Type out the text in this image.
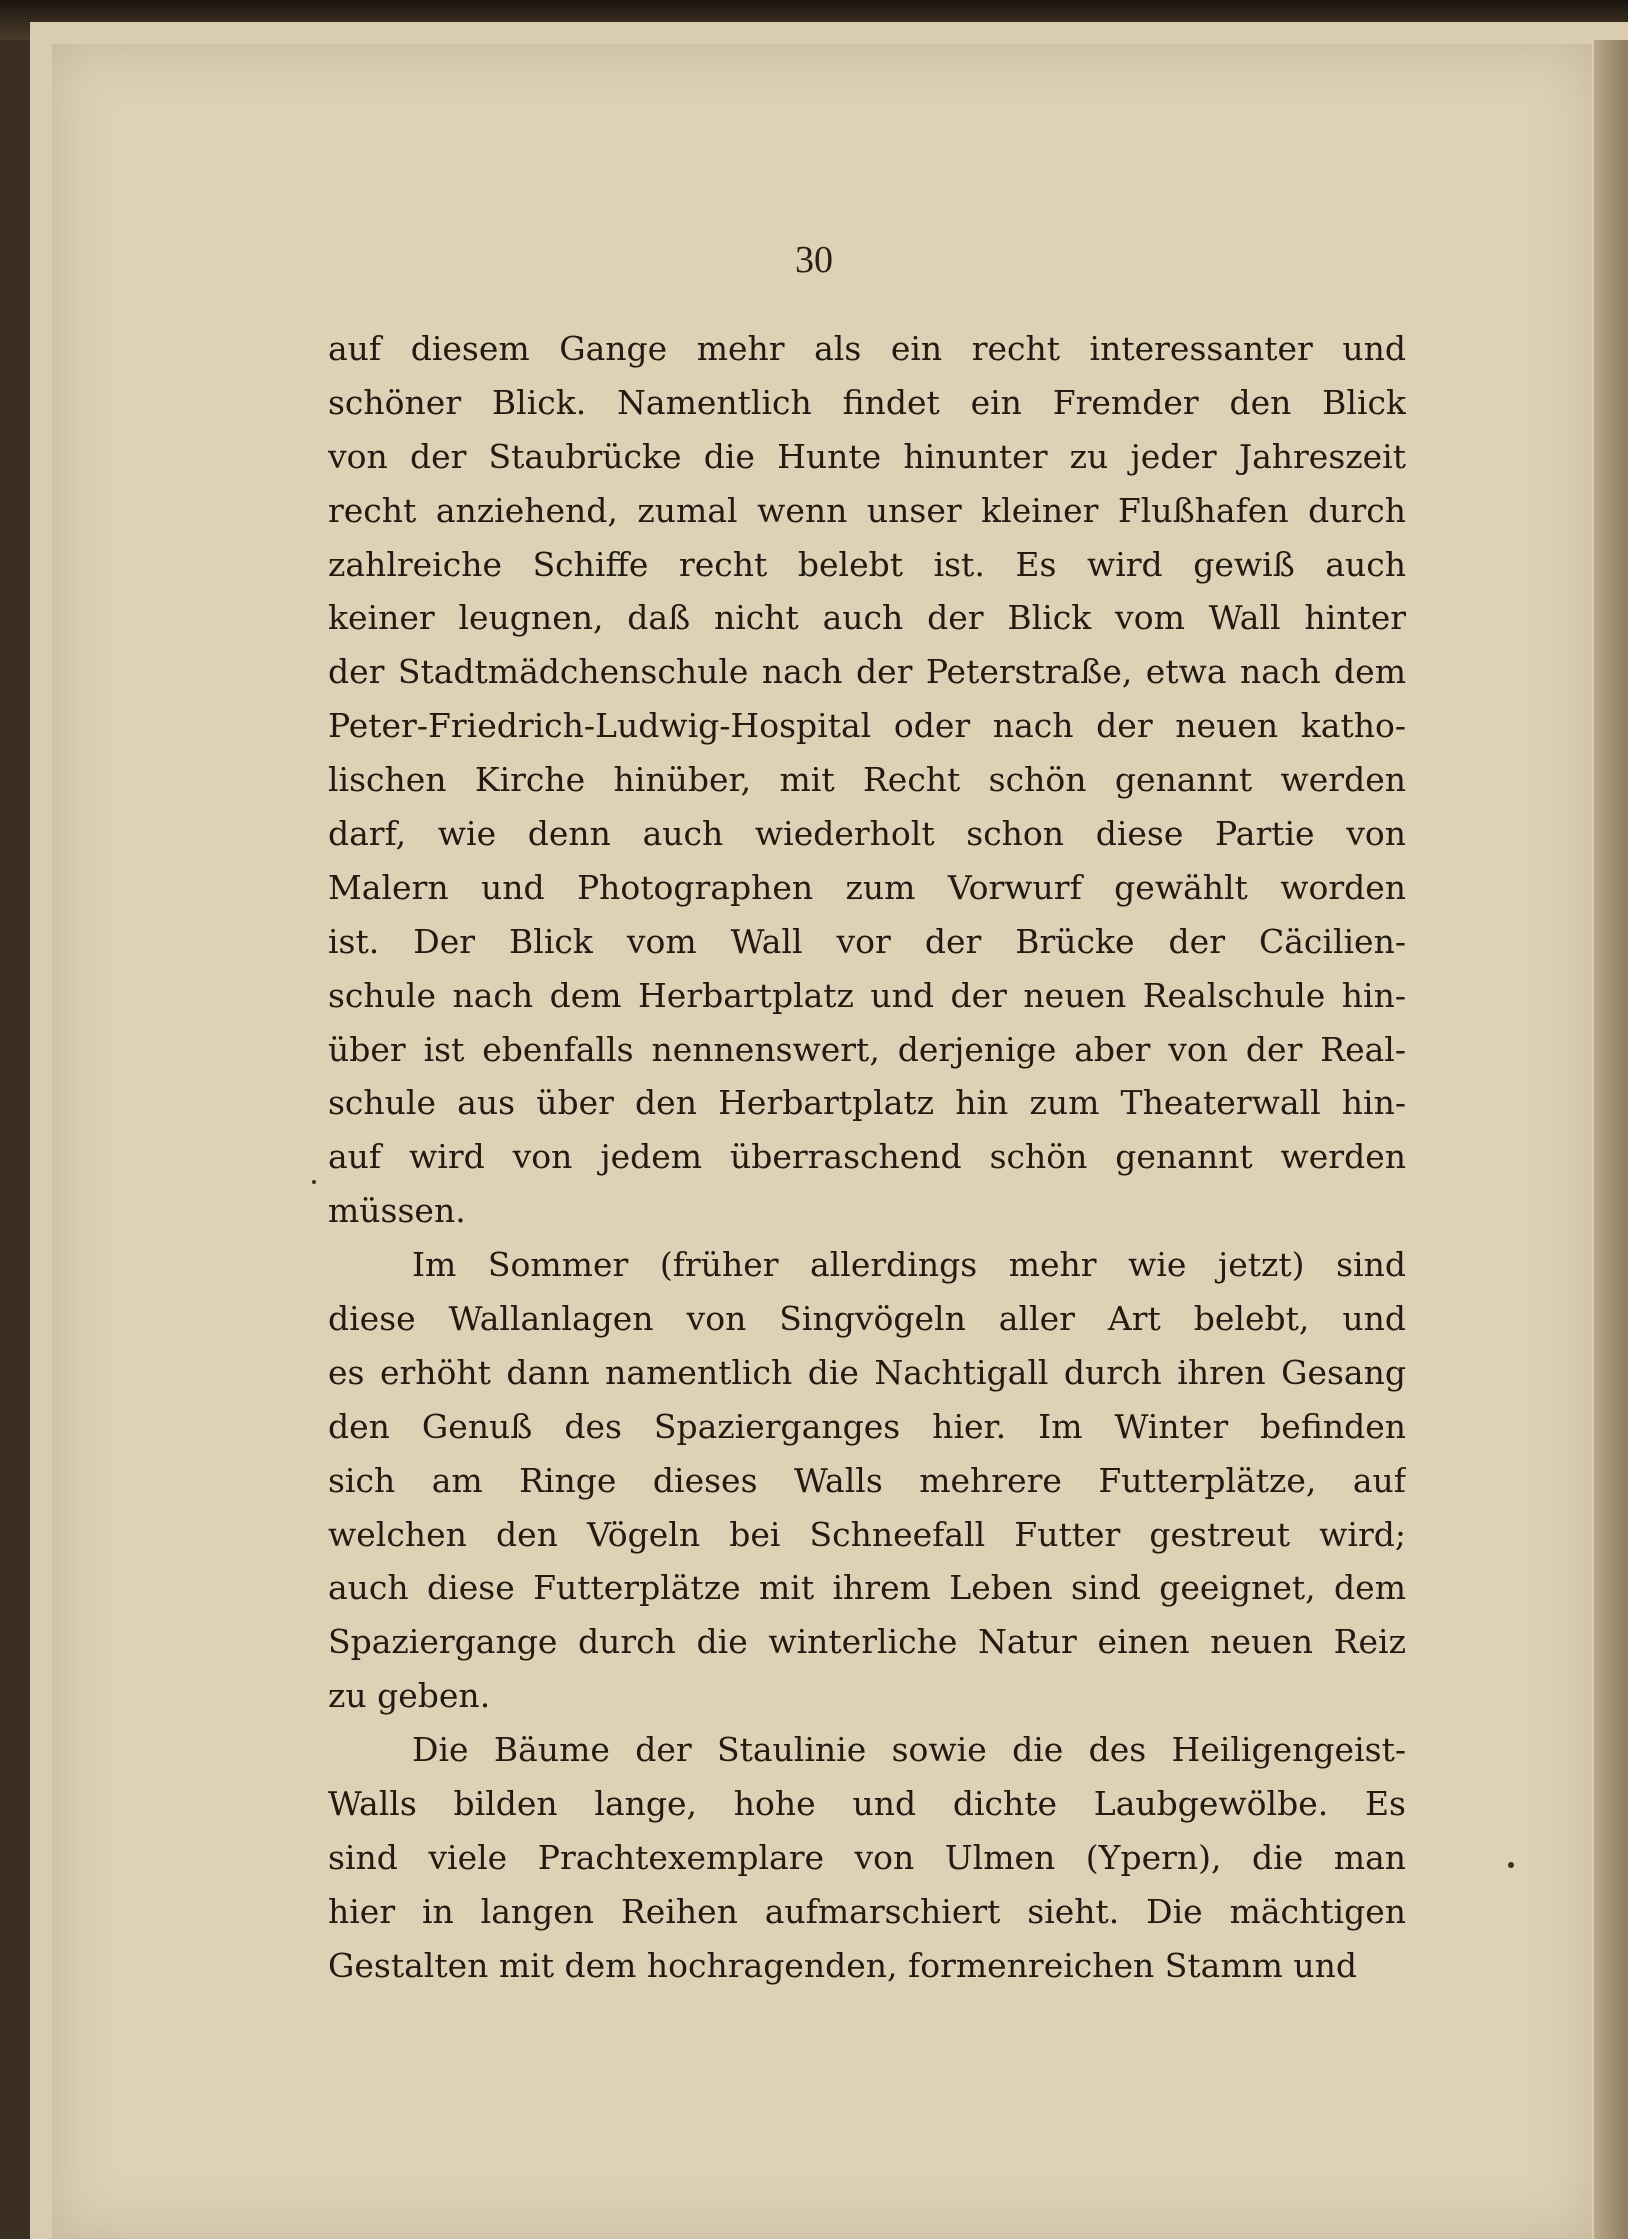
30
auf diesem Gange mehr als ein recht interessanter und
schöner Blick. Namentlich findet ein Fremder den Blick
von der Staubrücke die Hunte hinunter zu jeder Jahreszeit
recht anziehend, zumal wenn unser kleiner Flußhafen durch
zahlreiche Schiffe recht belebt ist. Es wird gewiß auch
keiner leugnen, daß nicht auch der Blick vom Wall hinter
der Stadtmädchenschule nach der Peterstraße, etwa nach dem
Peter-Friedrich-Ludwig-Hospital oder nach der neuen katho-
lischen Kirche hinüber, mit Recht schön genannt werden
darf, wie denn auch wiederholt schon diese Partie von
Malern und Photographen zum Vorwurf gewählt worden
ist. Der Blick vom Wall vor der Brücke der Cäcilien-
schule nach dem Herbartplatz und der neuen Realschule hin-
über ist ebenfalls nennenswert, derjenige aber von der Real-
schule aus über den Herbartplatz hin zum Theaterwall hin-
auf wird von jedem überraschend schön genannt werden
müssen.
Im Sommer (früher allerdings mehr wie jetzt) sind
diese Wallanlagen von Singvögeln aller Art belebt, und
es erhöht dann namentlich die Nachtigall durch ihren Gesang
den Genuß des Spazierganges hier. Im Winter befinden
sich am Ringe dieses Walls mehrere Futterplätze, auf
welchen den Vögeln bei Schneefall Futter gestreut wird;
auch diese Futterplätze mit ihrem Leben sind geeignet, dem
Spaziergange durch die winterliche Natur einen neuen Reiz
zu geben.
Die Bäume der Staulinie sowie die des Heiligengeist-
Walls bilden lange, hohe und dichte Laubgewölbe. Es
sind viele Prachtexemplare von Ulmen (Ypern), die man
hier in langen Reihen aufmarschiert sieht. Die mächtigen
Gestalten mit dem hochragenden, formenreichen Stamm und
